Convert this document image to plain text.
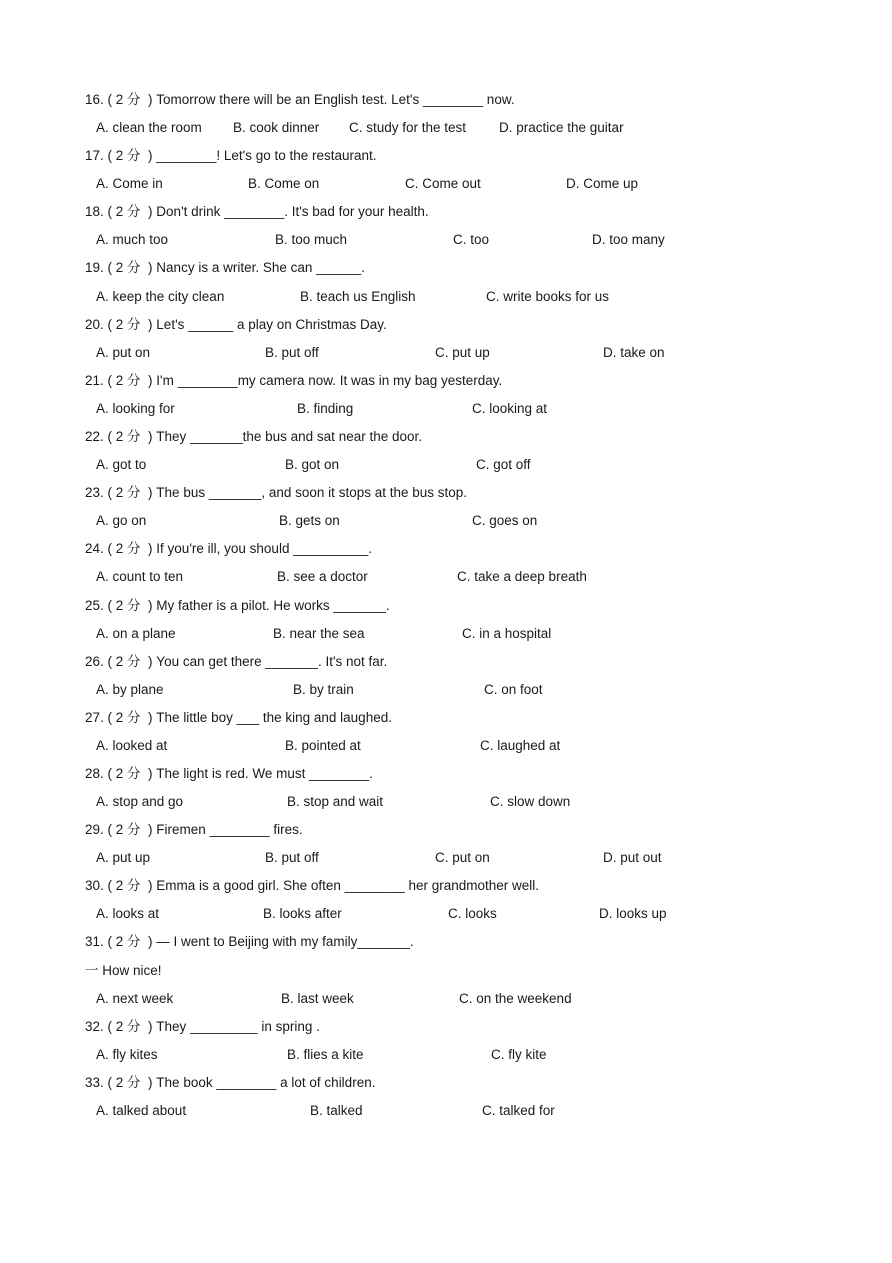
16. ( 2 分  ) Tomorrow there will be an English test. Let's ________ now.
A. clean the room B. cook dinner C. study for the test D. practice the guitar
17. ( 2 分  ) ________! Let's go to the restaurant.
A. Come in	B. Come on	C. Come out	D. Come up
18. ( 2 分  ) Don't drink ________. It's bad for your health.
A. much too	B. too much	C. too	D. too many
19. ( 2 分  ) Nancy is a writer. She can ______.
A. keep the city clean	B. teach us English	C. write books for us
20. ( 2 分  ) Let's ______ a play on Christmas Day.
A. put on	B. put off	C. put up	D. take on
21. ( 2 分  ) I'm ________my camera now. It was in my bag yesterday.
A. looking for	B. finding	C. looking at
22. ( 2 分  ) They _______the bus and sat near the door.
A. got to	B. got on	C. got off
23. ( 2 分  ) The bus _______, and soon it stops at the bus stop.
A. go on	B. gets on	C. goes on
24. ( 2 分  ) If you're ill, you should __________.
A. count to ten	B. see a doctor	C. take a deep breath
25. ( 2 分  ) My father is a pilot. He works _______.
A. on a plane	B. near the sea	C. in a hospital
26. ( 2 分  ) You can get there _______. It's not far.
A. by plane	B. by train	C. on foot
27. ( 2 分  ) The little boy ___ the king and laughed.
A. looked at	B. pointed at	C. laughed at
28. ( 2 分  ) The light is red. We must ________.
A. stop and go	B. stop and wait	C. slow down
29. ( 2 分  ) Firemen ________ fires.
A. put up	B. put off	C. put on	D. put out
30. ( 2 分  ) Emma is a good girl. She often ________ her grandmother well.
A. looks at	B. looks after	C. looks	D. looks up
31. ( 2 分  ) — I went to Beijing with my family_______.
一 How nice!
A. next week	B. last week	C. on the weekend
32. ( 2 分  ) They _________ in spring .
A. fly kites	B. flies a kite	C. fly kite
33. ( 2 分  ) The book ________ a lot of children.
A. talked about	B. talked	C. talked for
